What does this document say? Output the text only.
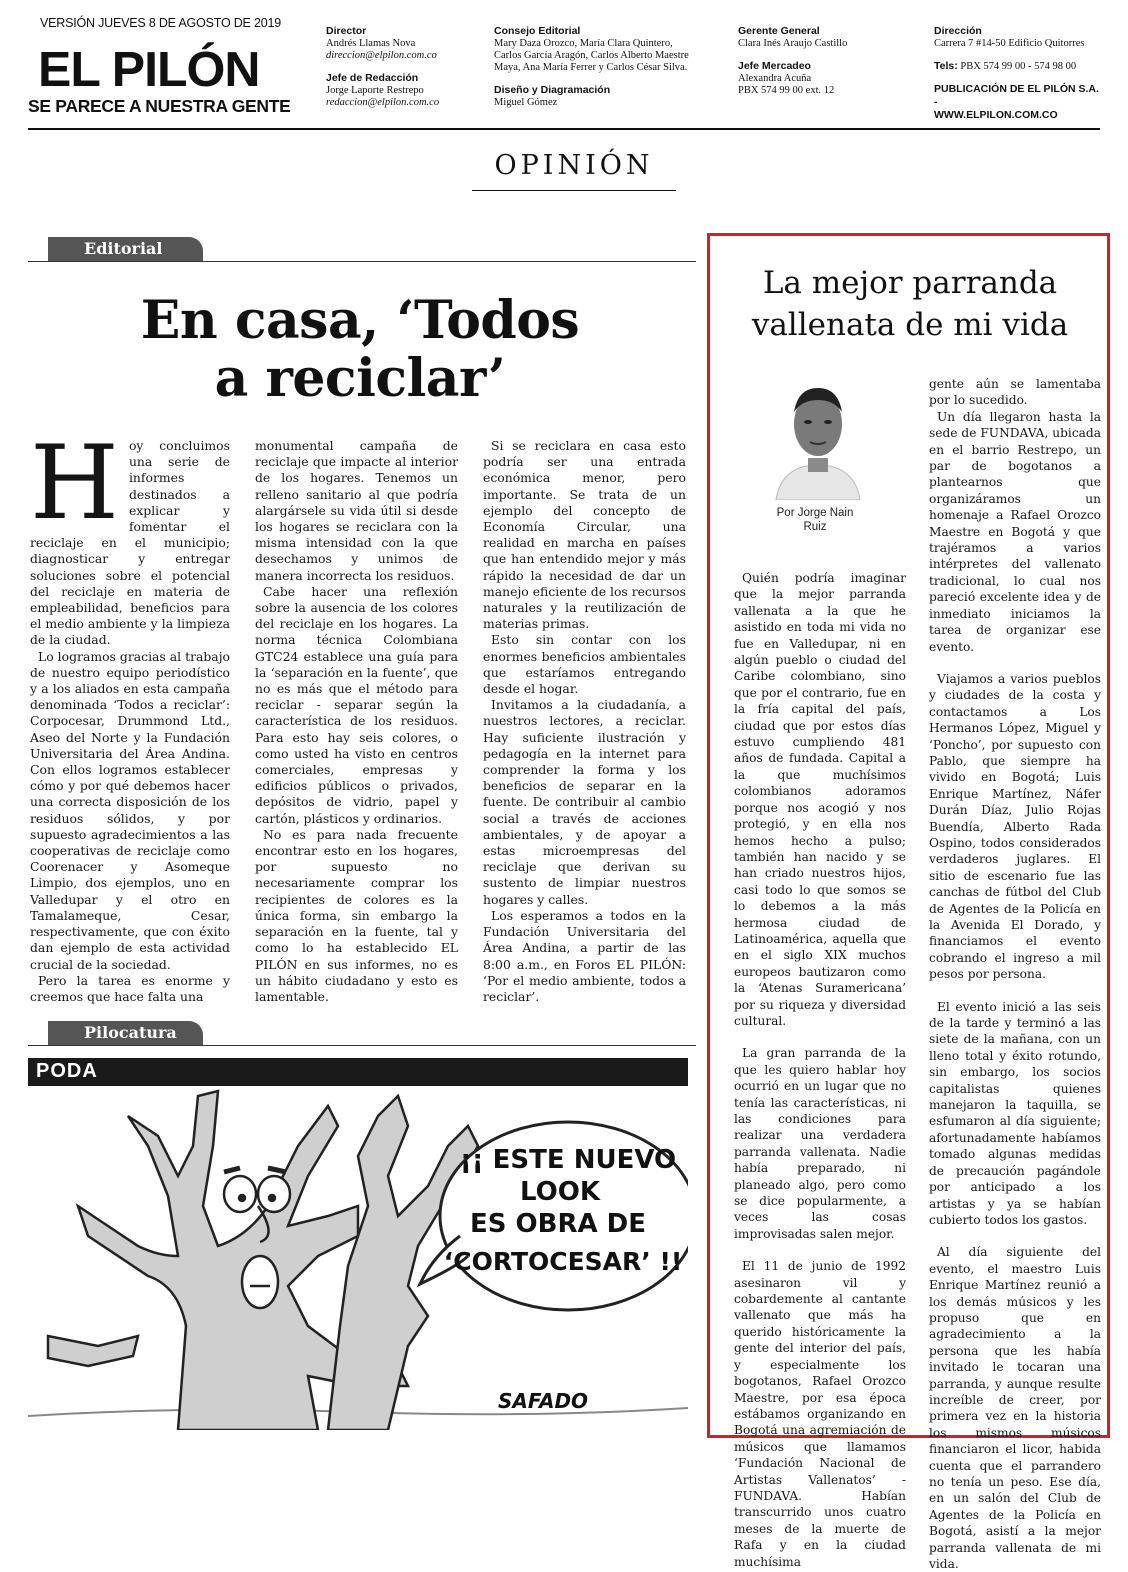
VERSIÓN JUEVES 8 DE AGOSTO DE 2019
EL PILÓN
SE PARECE A NUESTRA GENTE
Director
Andrés Llamas Nova
direccion@elpilon.com.co

Jefe de Redacción
Jorge Laporte Restrepo
redaccion@elpilon.com.co
Consejo Editorial
Mary Daza Orozco, María Clara Quintero,
Carlos García Aragón, Carlos Alberto Maestre
Maya, Ana María Ferrer y Carlos César Silva.

Diseño y Diagramación
Miguel Gómez
Gerente General
Clara Inés Araujo Castillo

Jefe Mercadeo
Alexandra Acuña
PBX 574 99 00 ext. 12
Dirección
Carrera 7 #14-50 Edificio Quitorres

Tels: PBX 574 99 00 - 574 98 00

PUBLICACIÓN DE EL PILÓN S.A. -
WWW.ELPILON.COM.CO
OPINIÓN
Editorial
En casa, ‘Todos
a reciclar’
H oy concluimos una serie de informes destinados a explicar y fomentar el reciclaje en el municipio; diagnosticar y entregar soluciones sobre el potencial del reciclaje en materia de empleabilidad, beneficios para el medio ambiente y la limpieza de la ciudad.

Lo logramos gracias al trabajo de nuestro equipo periodístico y a los aliados en esta campaña denominada ‘Todos a reciclar’: Corpocesar, Drummond Ltd., Aseo del Norte y la Fundación Universitaria del Área Andina. Con ellos logramos establecer cómo y por qué debemos hacer una correcta disposición de los residuos sólidos, y por supuesto agradecimientos a las cooperativas de reciclaje como Coorenacer y Asomeque Limpio, dos ejemplos, uno en Valledupar y el otro en Tamalameque, Cesar, respectivamente, que con éxito dan ejemplo de esta actividad crucial de la sociedad.

Pero la tarea es enorme y creemos que hace falta una

monumental campaña de reciclaje que impacte al interior de los hogares. Tenemos un relleno sanitario al que podría alargársele su vida útil si desde los hogares se reciclara con la misma intensidad con la que desechamos y unimos de manera incorrecta los residuos.

Cabe hacer una reflexión sobre la ausencia de los colores del reciclaje en los hogares. La norma técnica Colombiana GTC24 establece una guía para la ‘separación en la fuente’, que no es más que el método para reciclar - separar según la característica de los residuos. Para esto hay seis colores, o como usted ha visto en centros comerciales, empresas y edificios públicos o privados, depósitos de vidrio, papel y cartón, plásticos y ordinarios.

No es para nada frecuente encontrar esto en los hogares, por supuesto no necesariamente comprar los recipientes de colores es la única forma, sin embargo la separación en la fuente, tal y como lo ha establecido EL PILÓN en sus informes, no es un hábito ciudadano y esto es lamentable.

Si se reciclara en casa esto podría ser una entrada económica menor, pero importante. Se trata de un ejemplo del concepto de Economía Circular, una realidad en marcha en países que han entendido mejor y más rápido la necesidad de dar un manejo eficiente de los recursos naturales y la reutilización de materias primas.

Esto sin contar con los enormes beneficios ambientales que estaríamos entregando desde el hogar.

Invitamos a la ciudadanía, a nuestros lectores, a reciclar. Hay suficiente ilustración y pedagogía en la internet para comprender la forma y los beneficios de separar en la fuente. De contribuir al cambio social a través de acciones ambientales, y de apoyar a estas microempresas del reciclaje que derivan su sustento de limpiar nuestros hogares y calles.

Los esperamos a todos en la Fundación Universitaria del Área Andina, a partir de las 8:00 a.m., en Foros EL PILÓN: ‘Por el medio ambiente, todos a reciclar’.

Pilocatura
PODA
¡¡ ESTE NUEVO
LOOK
ES OBRA DE
‘CORTOCESAR’ !!
SAFADO
La mejor parranda
vallenata de mi vida
Por Jorge Nain
Ruiz

Quién podría imaginar que la mejor parranda vallenata a la que he asistido en toda mi vida no fue en Valledupar, ni en algún pueblo o ciudad del Caribe colombiano, sino que por el contrario, fue en la fría capital del país, ciudad que por estos días estuvo cumpliendo 481 años de fundada. Capital a la que muchísimos colombianos adoramos porque nos acogió y nos protegió, y en ella nos hemos hecho a pulso; también han nacido y se han criado nuestros hijos, casi todo lo que somos se lo debemos a la más hermosa ciudad de Latinoamérica, aquella que en el siglo XIX muchos europeos bautizaron como la ‘Atenas Suramericana’ por su riqueza y diversidad cultural.

La gran parranda de la que les quiero hablar hoy ocurrió en un lugar que no tenía las características, ni las condiciones para realizar una verdadera parranda vallenata. Nadie había preparado, ni planeado algo, pero como se dice popularmente, a veces las cosas improvisadas salen mejor.

El 11 de junio de 1992 asesinaron vil y cobardemente al cantante vallenato que más ha querido históricamente la gente del interior del país, y especialmente los bogotanos, Rafael Orozco Maestre, por esa época estábamos organizando en Bogotá una agremiación de músicos que llamamos ‘Fundación Nacional de Artistas Vallenatos’ - FUNDAVA. Habían transcurrido unos cuatro meses de la muerte de Rafa y en la ciudad muchísima

gente aún se lamentaba por lo sucedido.

Un día llegaron hasta la sede de FUNDAVA, ubicada en el barrio Restrepo, un par de bogotanos a plantearnos que organizáramos un homenaje a Rafael Orozco Maestre en Bogotá y que trajéramos a varios intérpretes del vallenato tradicional, lo cual nos pareció excelente idea y de inmediato iniciamos la tarea de organizar ese evento.

Viajamos a varios pueblos y ciudades de la costa y contactamos a Los Hermanos López, Miguel y ‘Poncho’, por supuesto con Pablo, que siempre ha vivido en Bogotá; Luis Enrique Martínez, Náfer Durán Díaz, Julio Rojas Buendía, Alberto Rada Ospino, todos considerados verdaderos juglares. El sitio de escenario fue las canchas de fútbol del Club de Agentes de la Policía en la Avenida El Dorado, y financiamos el evento cobrando el ingreso a mil pesos por persona.

El evento inició a las seis de la tarde y terminó a las siete de la mañana, con un lleno total y éxito rotundo, sin embargo, los socios capitalistas quienes manejaron la taquilla, se esfumaron al día siguiente; afortunadamente habíamos tomado algunas medidas de precaución pagándole por anticipado a los artistas y ya se habían cubierto todos los gastos.

Al día siguiente del evento, el maestro Luis Enrique Martínez reunió a los demás músicos y les propuso que en agradecimiento a la persona que les había invitado le tocaran una parranda, y aunque resulte increíble de creer, por primera vez en la historia los mismos músicos financiaron el licor, habida cuenta que el parrandero no tenía un peso. Ese día, en un salón del Club de Agentes de la Policía en Bogotá, asistí a la mejor parranda vallenata de mi vida.
